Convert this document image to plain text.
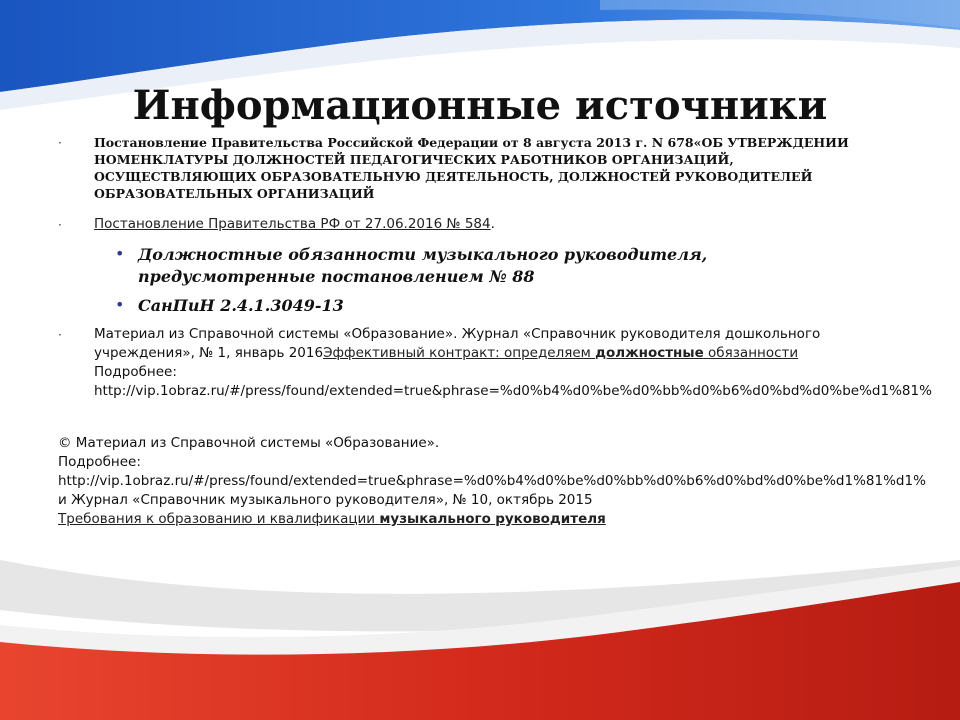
Информационные источники
·	Постановление Правительства Российской Федерации от 8 августа 2013 г. N 678«ОБ УТВЕРЖДЕНИИ НОМЕНКЛАТУРЫ ДОЛЖНОСТЕЙ ПЕДАГОГИЧЕСКИХ РАБОТНИКОВ ОРГАНИЗАЦИЙ, ОСУЩЕСТВЛЯЮЩИХ ОБРАЗОВАТЕЛЬНУЮ ДЕЯТЕЛЬНОСТЬ, ДОЛЖНОСТЕЙ РУКОВОДИТЕЛЕЙ ОБРАЗОВАТЕЛЬНЫХ ОРГАНИЗАЦИЙ
· Постановление Правительства РФ от 27.06.2016 № 584.
• Должностные обязанности музыкального руководителя, предусмотренные постановлением № 88
• СанПиН 2.4.1.3049-13
· Материал из Справочной системы «Образование». Журнал «Справочник руководителя дошкольного
учреждения», № 1, январь 2016Эффективный контракт: определяем должностные обязанности
Подробнее:
http://vip.1obraz.ru/#/press/found/extended=true&phrase=%d0%b4%d0%be%d0%bb%d0%b6%d0%bd%d0%be%d1%81%
© Материал из Справочной системы «Образование».
Подробнее:
http://vip.1obraz.ru/#/press/found/extended=true&phrase=%d0%b4%d0%be%d0%bb%d0%b6%d0%bd%d0%be%d1%81%d1%
и Журнал «Справочник музыкального руководителя», № 10, октябрь 2015
Требования к образованию и квалификации музыкального руководителя
